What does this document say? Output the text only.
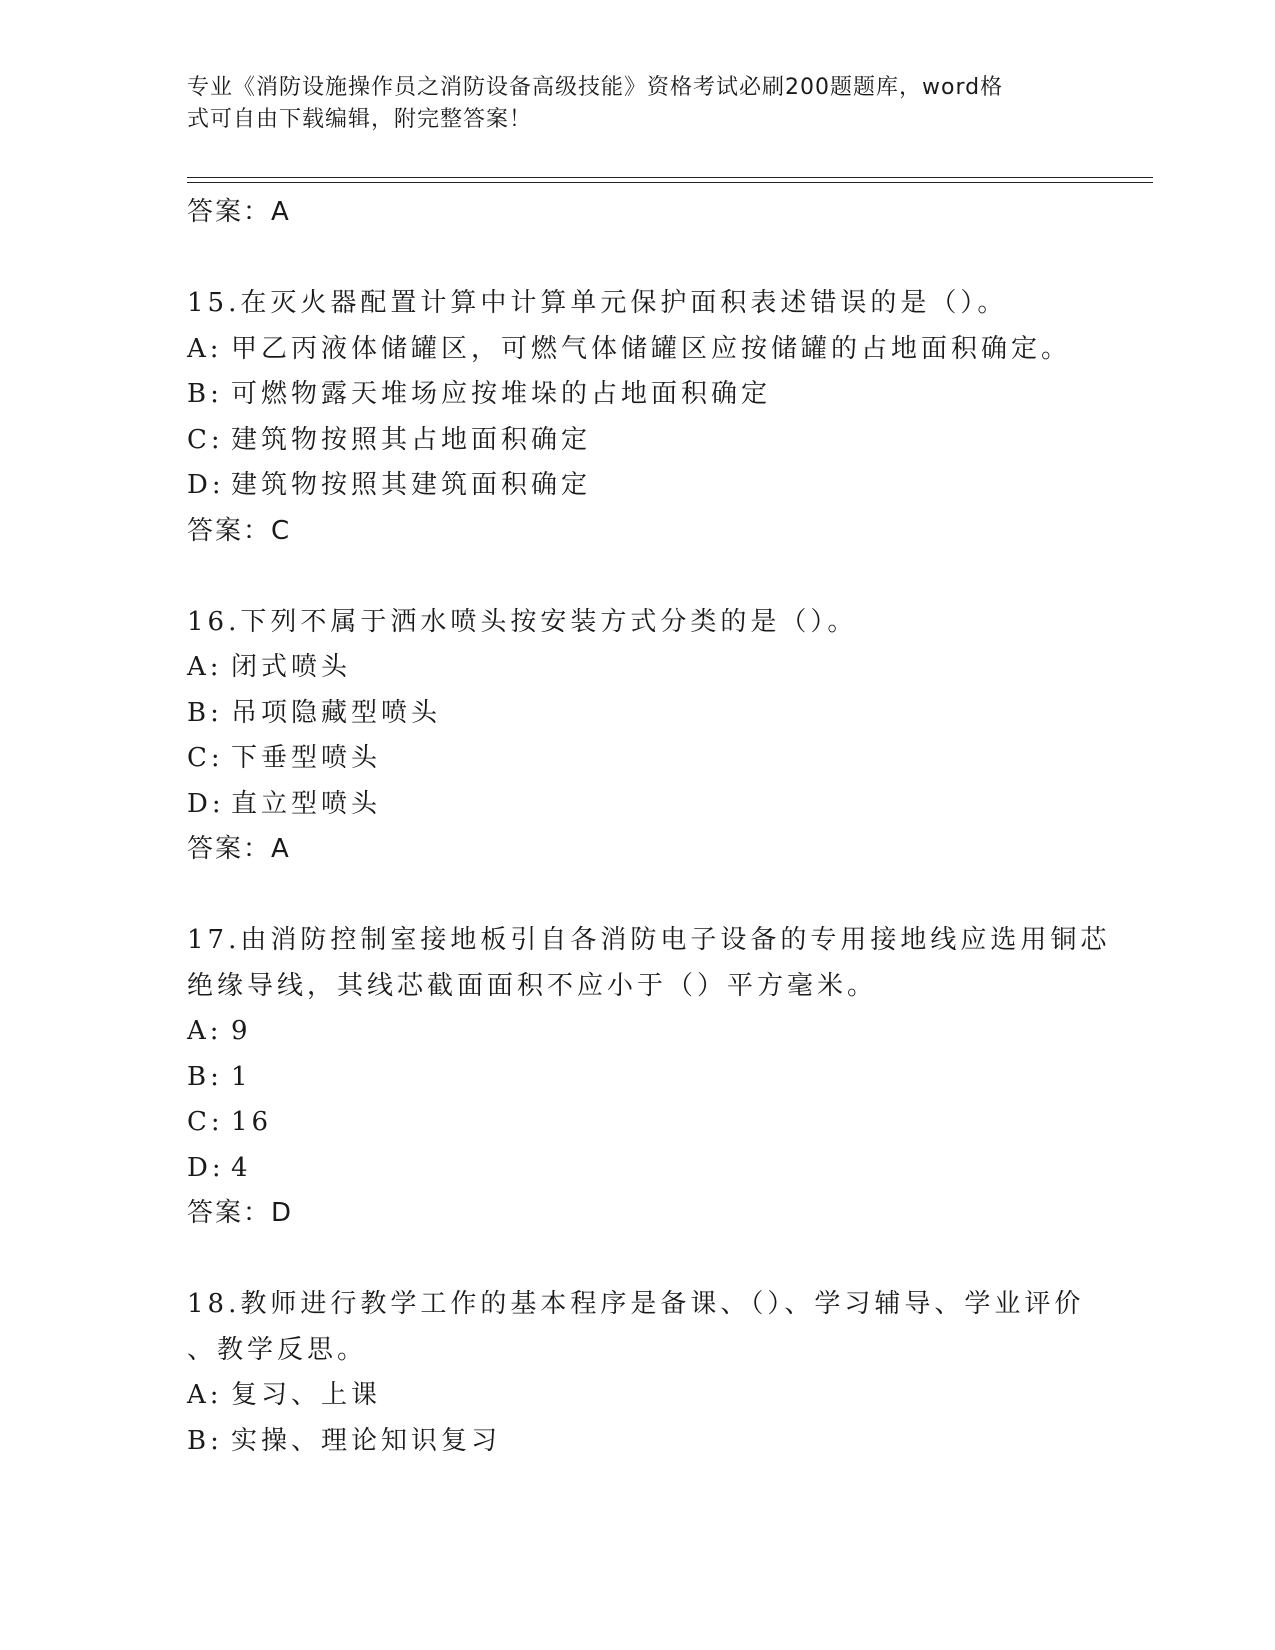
专业《消防设施操作员之消防设备高级技能》资格考试必刷200题题库，word格
式可自由下载编辑，附完整答案！
答案：A
15.在灭火器配置计算中计算单元保护面积表述错误的是（）。
A: 甲乙丙液体储罐区，可燃气体储罐区应按储罐的占地面积确定。
B: 可燃物露天堆场应按堆垛的占地面积确定
C: 建筑物按照其占地面积确定
D: 建筑物按照其建筑面积确定
答案：C
16.下列不属于洒水喷头按安装方式分类的是（）。
A: 闭式喷头
B: 吊项隐藏型喷头
C: 下垂型喷头
D: 直立型喷头
答案：A
17.由消防控制室接地板引自各消防电子设备的专用接地线应选用铜芯
绝缘导线，其线芯截面面积不应小于（）平方毫米。
A: 9
B: 1
C: 16
D: 4
答案：D
18.教师进行教学工作的基本程序是备课、（）、学习辅导、学业评价
、教学反思。
A: 复习、上课
B: 实操、理论知识复习
